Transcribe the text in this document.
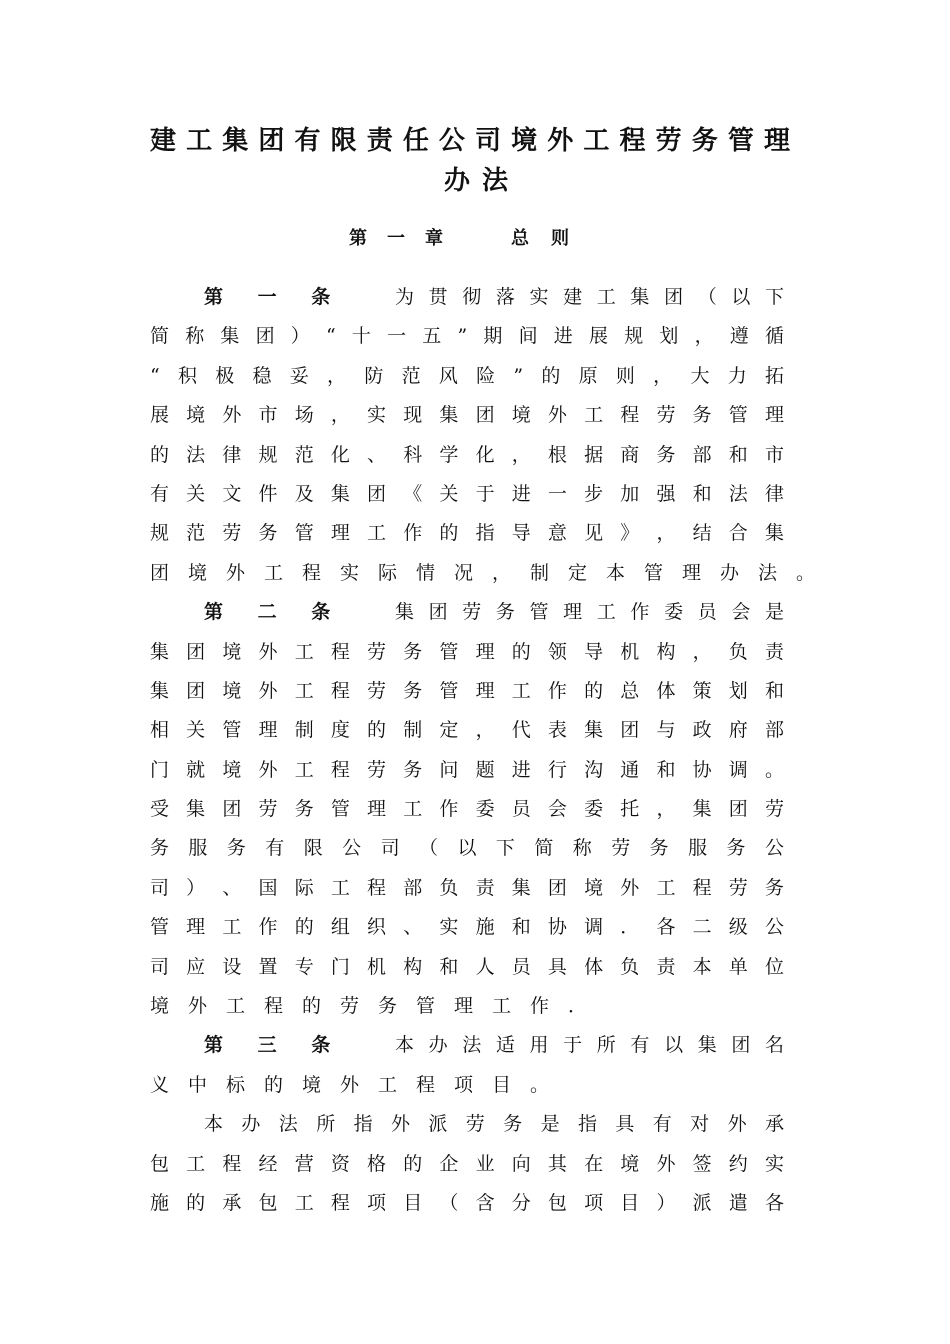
建工集团有限责任公司境外工程劳务管理
办法
第一章	总则
第一条 为​贯​彻​落​实​建​工​集​团​（​以​下
简​称​集​团​）​“​十​一​五​”​期​间​进​展​规​划​，​遵​循
“​积​极​稳​妥​，​防​范​风​险​”​的​原​则​，​大​力​拓
展​境​外​市​场​，​实​现​集​团​境​外​工​程​劳​务​管​理
的​法​律​规​范​化​、​科​学​化​，​根​据​商​务​部​和​市
有​关​文​件​及​集​团​《​关​于​进​一​步​加​强​和​法​律
规​范​劳​务​管​理​工​作​的​指​导​意​见​》​，​结​合​集
团境外工程实际情况，制定本管理办法。
第二条 集​团​劳​务​管​理​工​作​委​员​会​是
集​团​境​外​工​程​劳​务​管​理​的​领​导​机​构​，​负​责
集​团​境​外​工​程​劳​务​管​理​工​作​的​总​体​策​划​和
相​关​管​理​制​度​的​制​定​，​代​表​集​团​与​政​府​部
门​就​境​外​工​程​劳​务​问​题​进​行​沟​通​和​协​调​。
受​集​团​劳​务​管​理​工​作​委​员​会​委​托​，​集​团​劳
务​服​务​有​限​公​司​（​以​下​简​称​劳​务​服​务​公
司​）​、​国​际​工​程​部​负​责​集​团​境​外​工​程​劳​务
管​理​工​作​的​组​织​、​实​施​和​协​调​．​各​二​级​公
司​应​设​置​专​门​机​构​和​人​员​具​体​负​责​本​单​位
境外工程的劳务管理工作．
第三条 本​办​法​适​用​于​所​有​以​集​团​名
义中标的境外工程项目。
本​办​法​所​指​外​派​劳​务​是​指​具​有​对​外​承
包​工​程​经​营​资​格​的​企​业​向​其​在​境​外​签​约​实
施​的​承​包​工​程​项​目​（​含​分​包​项​目​）​派​遣​各
